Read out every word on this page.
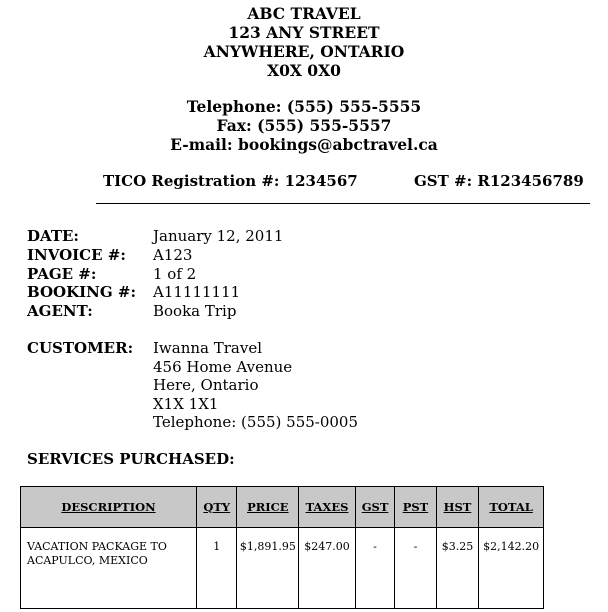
ABC TRAVEL
123 ANY STREET
ANYWHERE, ONTARIO
X0X 0X0
Telephone: (555) 555-5555
Fax: (555) 555-5557
E-mail: bookings@abctravel.ca
TICO Registration #: 1234567	GST #: R123456789
DATE:	January 12, 2011
INVOICE #: A123
PAGE #:	1 of 2
BOOKING #: A11111111
AGENT:	Booka Trip
CUSTOMER: Iwanna Travel
456 Home Avenue
Here, Ontario
X1X 1X1
Telephone: (555) 555-0005
SERVICES PURCHASED:
DESCRIPTION	QTY	PRICE	TAXES	GST	PST	HST	TOTAL

VACATION PACKAGE TO
ACAPULCO, MEXICO	1	$1,891.95	$247.00	-	-	$3.25	$2,142.20
